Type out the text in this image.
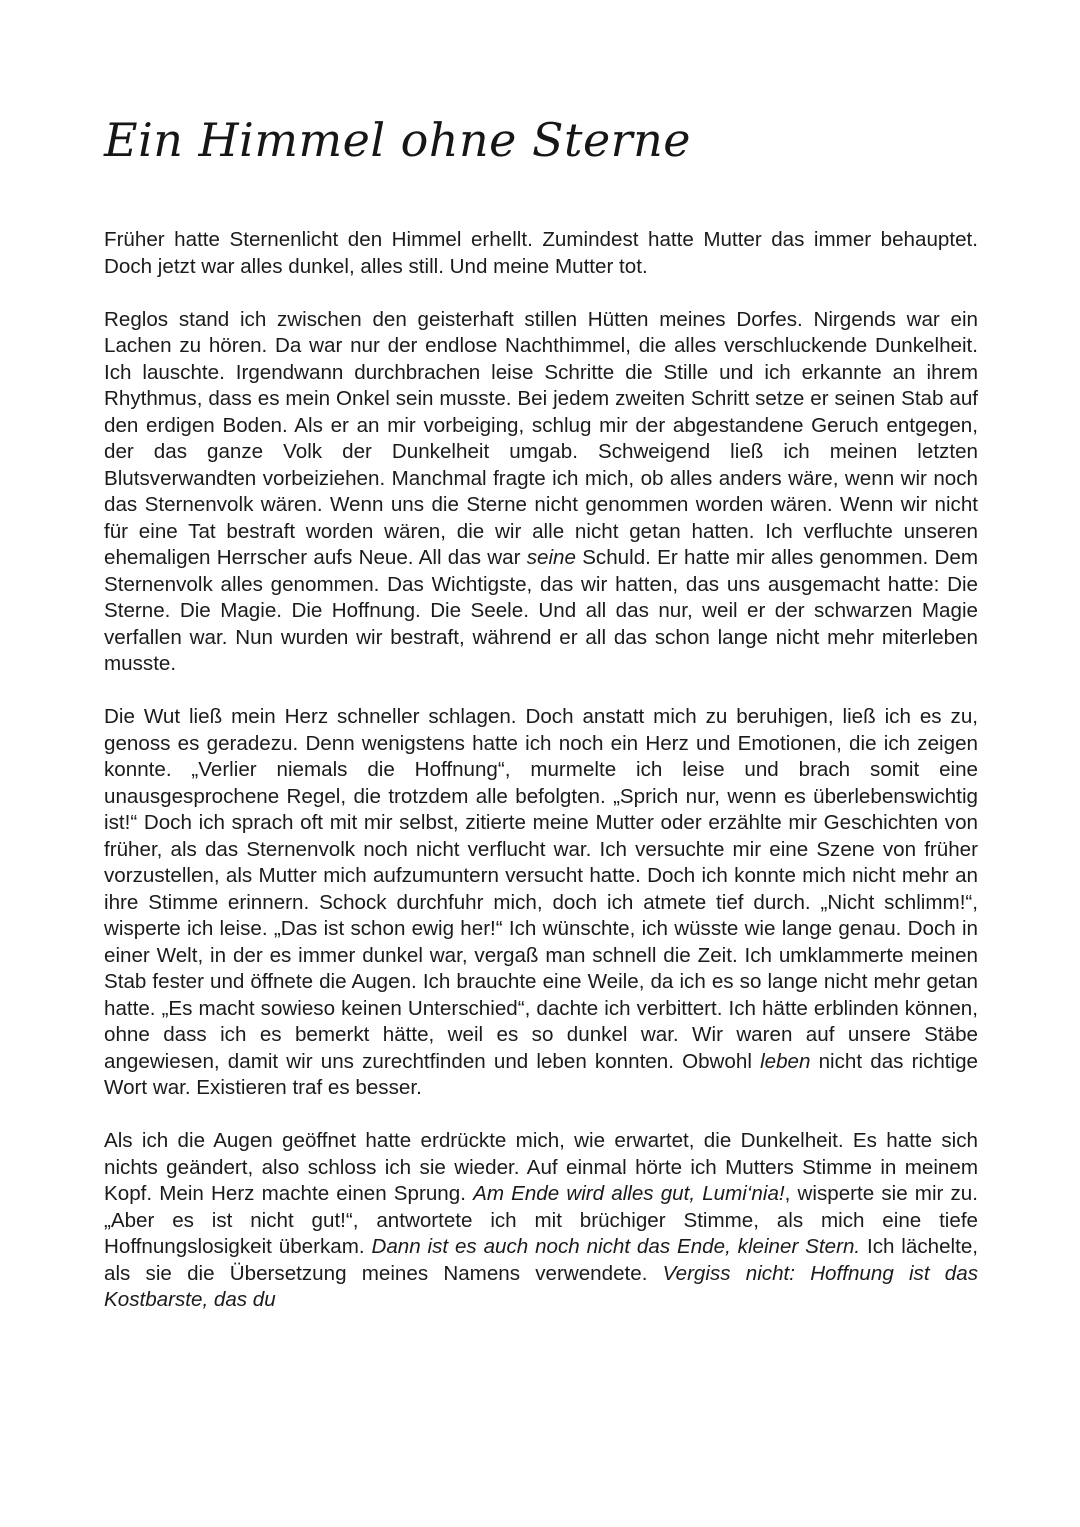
Ein Himmel ohne Sterne

Früher hatte Sternenlicht den Himmel erhellt. Zumindest hatte Mutter das immer behauptet. Doch jetzt war alles dunkel, alles still. Und meine Mutter tot.

Reglos stand ich zwischen den geisterhaft stillen Hütten meines Dorfes. Nirgends war ein Lachen zu hören. Da war nur der endlose Nachthimmel, die alles verschluckende Dunkelheit. Ich lauschte. Irgendwann durchbrachen leise Schritte die Stille und ich erkannte an ihrem Rhythmus, dass es mein Onkel sein musste. Bei jedem zweiten Schritt setze er seinen Stab auf den erdigen Boden. Als er an mir vorbeiging, schlug mir der abgestandene Geruch entgegen, der das ganze Volk der Dunkelheit umgab. Schweigend ließ ich meinen letzten Blutsverwandten vorbeiziehen. Manchmal fragte ich mich, ob alles anders wäre, wenn wir noch das Sternenvolk wären. Wenn uns die Sterne nicht genommen worden wären. Wenn wir nicht für eine Tat bestraft worden wären, die wir alle nicht getan hatten. Ich verfluchte unseren ehemaligen Herrscher aufs Neue. All das war seine Schuld. Er hatte mir alles genommen. Dem Sternenvolk alles genommen. Das Wichtigste, das wir hatten, das uns ausgemacht hatte: Die Sterne. Die Magie. Die Hoffnung. Die Seele. Und all das nur, weil er der schwarzen Magie verfallen war. Nun wurden wir bestraft, während er all das schon lange nicht mehr miterleben musste.

Die Wut ließ mein Herz schneller schlagen. Doch anstatt mich zu beruhigen, ließ ich es zu, genoss es geradezu. Denn wenigstens hatte ich noch ein Herz und Emotionen, die ich zeigen konnte. „Verlier niemals die Hoffnung“, murmelte ich leise und brach somit eine unausgesprochene Regel, die trotzdem alle befolgten. „Sprich nur, wenn es überlebenswichtig ist!“ Doch ich sprach oft mit mir selbst, zitierte meine Mutter oder erzählte mir Geschichten von früher, als das Sternenvolk noch nicht verflucht war. Ich versuchte mir eine Szene von früher vorzustellen, als Mutter mich aufzumuntern versucht hatte. Doch ich konnte mich nicht mehr an ihre Stimme erinnern. Schock durchfuhr mich, doch ich atmete tief durch. „Nicht schlimm!“, wisperte ich leise. „Das ist schon ewig her!“ Ich wünschte, ich wüsste wie lange genau. Doch in einer Welt, in der es immer dunkel war, vergaß man schnell die Zeit. Ich umklammerte meinen Stab fester und öffnete die Augen. Ich brauchte eine Weile, da ich es so lange nicht mehr getan hatte. „Es macht sowieso keinen Unterschied“, dachte ich verbittert. Ich hätte erblinden können, ohne dass ich es bemerkt hätte, weil es so dunkel war. Wir waren auf unsere Stäbe angewiesen, damit wir uns zurechtfinden und leben konnten. Obwohl leben nicht das richtige Wort war. Existieren traf es besser.

Als ich die Augen geöffnet hatte erdrückte mich, wie erwartet, die Dunkelheit. Es hatte sich nichts geändert, also schloss ich sie wieder. Auf einmal hörte ich Mutters Stimme in meinem Kopf. Mein Herz machte einen Sprung. Am Ende wird alles gut, Lumi‘nia!, wisperte sie mir zu. „Aber es ist nicht gut!“, antwortete ich mit brüchiger Stimme, als mich eine tiefe Hoffnungslosigkeit überkam. Dann ist es auch noch nicht das Ende, kleiner Stern. Ich lächelte, als sie die Übersetzung meines Namens verwendete. Vergiss nicht: Hoffnung ist das Kostbarste, das du
